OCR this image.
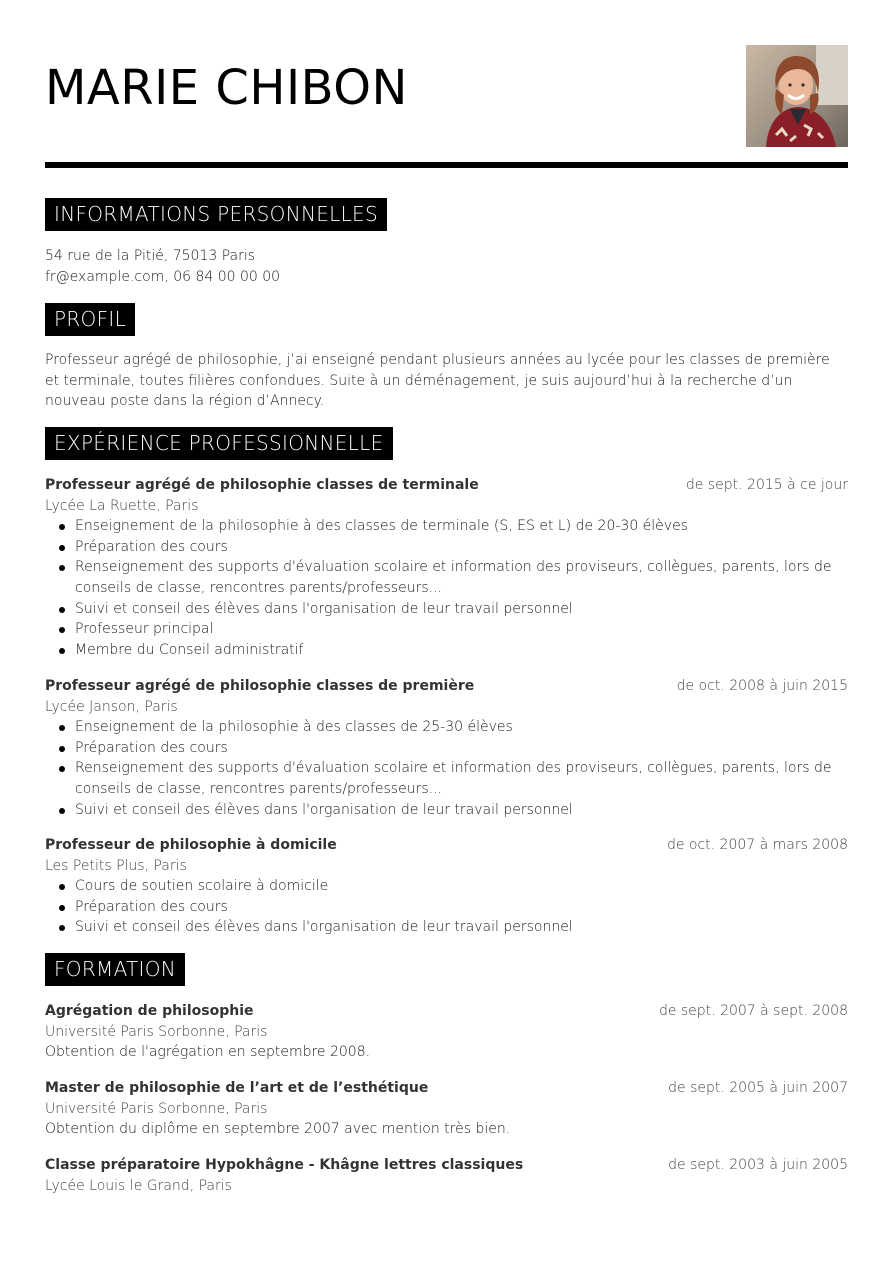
MARIE CHIBON
INFORMATIONS PERSONNELLES
54 rue de la Pitié, 75013 Paris
fr@example.com, 06 84 00 00 00
PROFIL
Professeur agrégé de philosophie, j’ai enseigné pendant plusieurs années au lycée pour les classes de première et terminale, toutes filières confondues. Suite à un déménagement, je suis aujourd’hui à la recherche d’un nouveau poste dans la région d’Annecy.
EXPÉRIENCE PROFESSIONNELLE
Professeur agrégé de philosophie classes de terminale	de sept. 2015 à ce jour
Lycée La Ruette, Paris
Enseignement de la philosophie à des classes de terminale (S, ES et L) de 20-30 élèves
Préparation des cours
Renseignement des supports d'évaluation scolaire et information des proviseurs, collègues, parents, lors de conseils de classe, rencontres parents/professeurs...
Suivi et conseil des élèves dans l'organisation de leur travail personnel
Professeur principal
Membre du Conseil administratif
Professeur agrégé de philosophie classes de première	de oct. 2008 à juin 2015
Lycée Janson, Paris
Enseignement de la philosophie à des classes de 25-30 élèves
Préparation des cours
Renseignement des supports d'évaluation scolaire et information des proviseurs, collègues, parents, lors de conseils de classe, rencontres parents/professeurs...
Suivi et conseil des élèves dans l'organisation de leur travail personnel
Professeur de philosophie à domicile	de oct. 2007 à mars 2008
Les Petits Plus, Paris
Cours de soutien scolaire à domicile
Préparation des cours
Suivi et conseil des élèves dans l'organisation de leur travail personnel
FORMATION
Agrégation de philosophie	de sept. 2007 à sept. 2008
Université Paris Sorbonne, Paris
Obtention de l'agrégation en septembre 2008.
Master de philosophie de l’art et de l’esthétique	de sept. 2005 à juin 2007
Université Paris Sorbonne, Paris
Obtention du diplôme en septembre 2007 avec mention très bien.
Classe préparatoire Hypokhâgne - Khâgne lettres classiques	de sept. 2003 à juin 2005
Lycée Louis le Grand, Paris
